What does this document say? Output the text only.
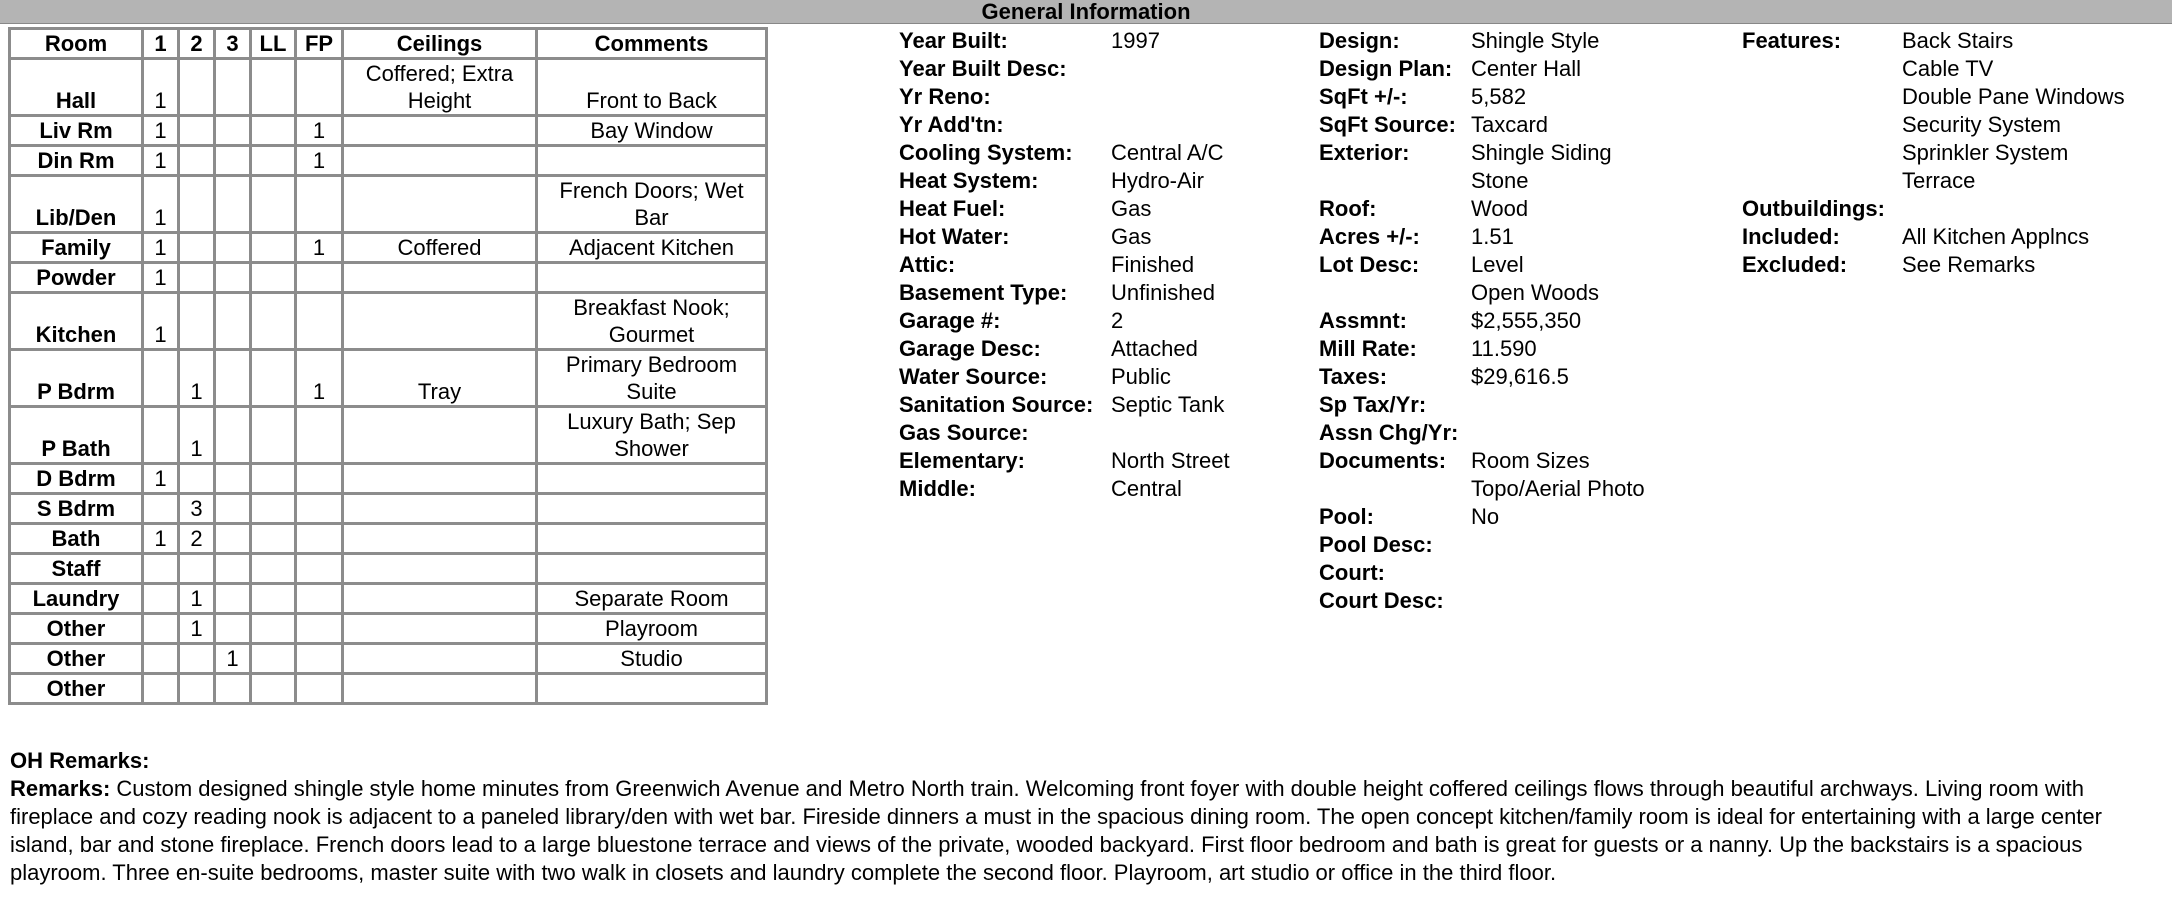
General Information
Room	1	2	3	LL	FP	Ceilings	Comments
Hall	1					Coffered; Extra Height	Front to Back
Liv Rm	1				1		Bay Window
Din Rm	1				1		
Lib/Den	1						French Doors; Wet Bar
Family	1				1	Coffered	Adjacent Kitchen
Powder	1						
Kitchen	1						Breakfast Nook; Gourmet
P Bdrm		1			1	Tray	Primary Bedroom Suite
P Bath		1					Luxury Bath; Sep Shower
D Bdrm	1						
S Bdrm		3					
Bath	1	2					
Staff							
Laundry		1					Separate Room
Other		1					Playroom
Other			1				Studio
Other							
Year Built:	1997
Year Built Desc:
Yr Reno:
Yr Add'tn:
Cooling System:	Central A/C
Heat System:	Hydro-Air
Heat Fuel:	Gas
Hot Water:	Gas
Attic:	Finished
Basement Type:	Unfinished
Garage #:	2
Garage Desc:	Attached
Water Source:	Public
Sanitation Source: Septic Tank
Gas Source:
Elementary:	North Street
Middle:	Central
Design:	Shingle Style
Design Plan: Center Hall
SqFt +/-:	5,582
SqFt Source: Taxcard
Exterior:	Shingle Siding
Stone
Roof:	Wood
Acres +/-:	1.51
Lot Desc:	Level
Open Woods
Assmnt:	$2,555,350
Mill Rate:	11.590
Taxes:	$29,616.5
Sp Tax/Yr:
Assn Chg/Yr:
Documents:	Room Sizes
Topo/Aerial Photo
Pool:	No
Pool Desc:
Court:
Court Desc:
Features:	Back Stairs
Cable TV
Double Pane Windows
Security System
Sprinkler System
Terrace
Outbuildings:
Included:	All Kitchen Applncs
Excluded:	See Remarks
OH Remarks:
Remarks: Custom designed shingle style home minutes from Greenwich Avenue and Metro North train. Welcoming front foyer with double height coffered ceilings flows through beautiful archways. Living room with fireplace and cozy reading nook is adjacent to a paneled library/den with wet bar. Fireside dinners a must in the spacious dining room. The open concept kitchen/family room is ideal for entertaining with a large center island, bar and stone fireplace. French doors lead to a large bluestone terrace and views of the private, wooded backyard. First floor bedroom and bath is great for guests or a nanny. Up the backstairs is a spacious playroom. Three en-suite bedrooms, master suite with two walk in closets and laundry complete the second floor. Playroom, art studio or office in the third floor.
